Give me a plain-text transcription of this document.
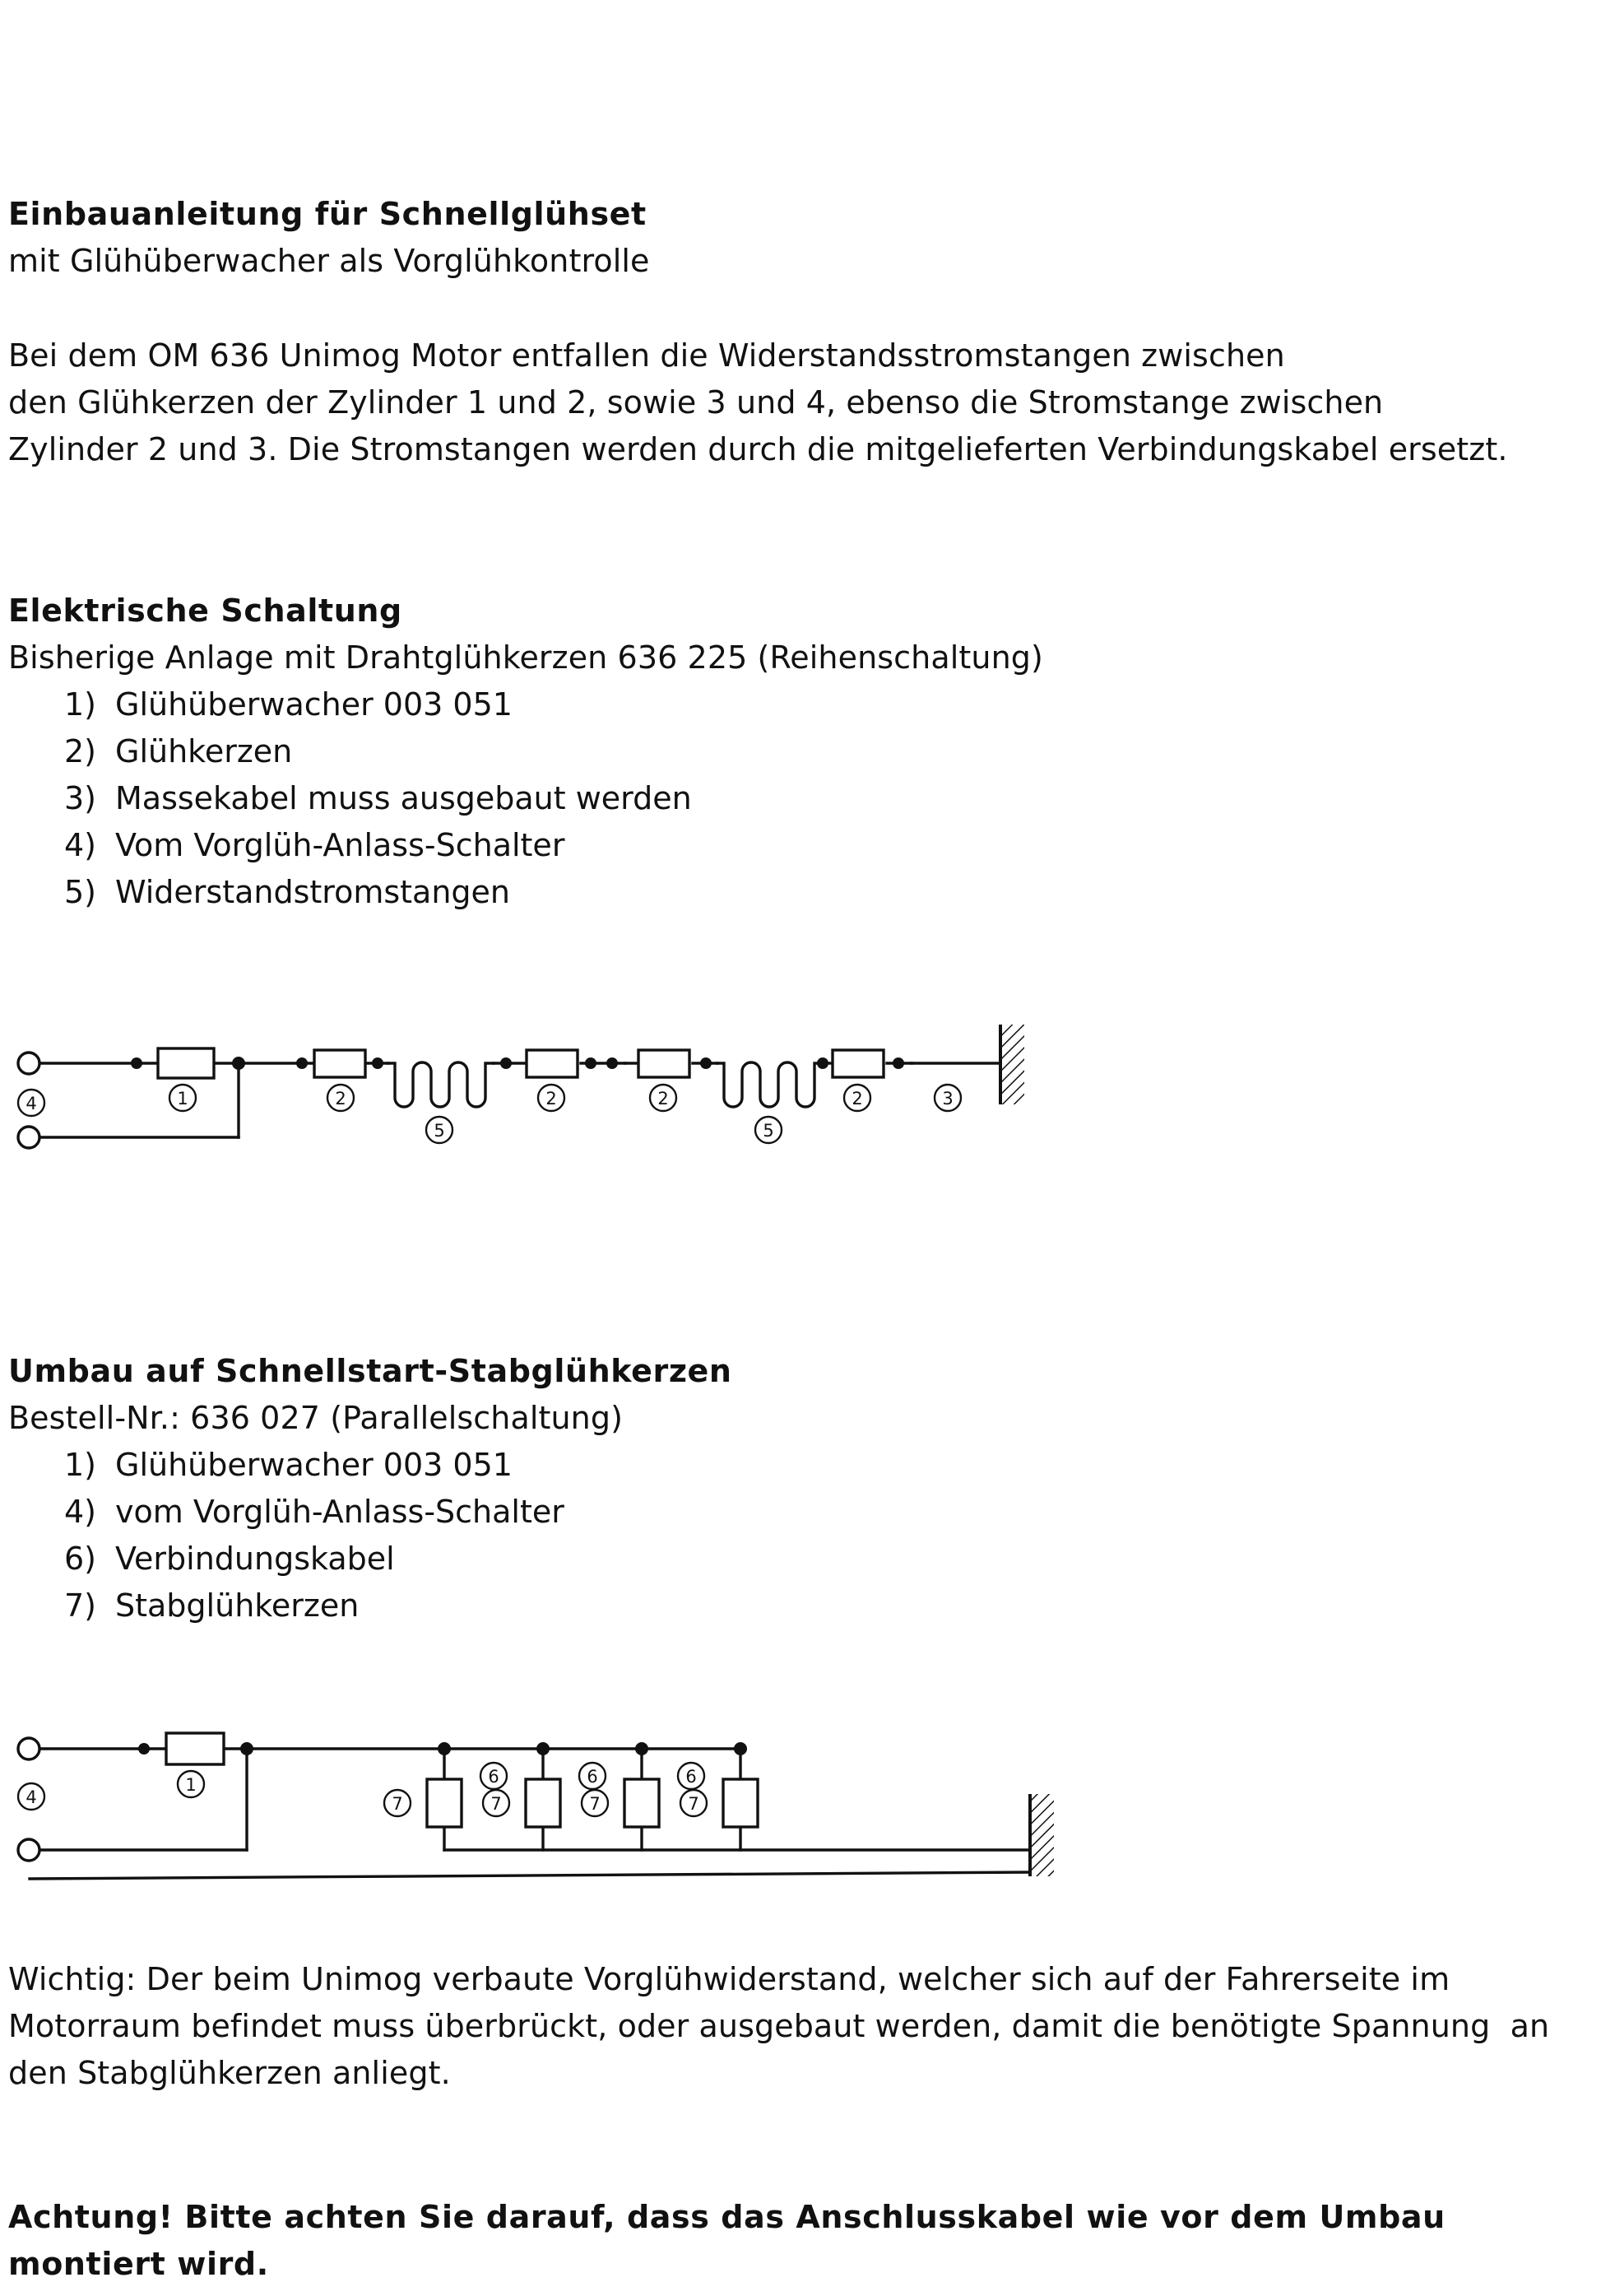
Einbauanleitung für Schnellglühset
mit Glühüberwacher als Vorglühkontrolle
Bei dem OM 636 Unimog Motor entfallen die Widerstandsstromstangen zwischen
den Glühkerzen der Zylinder 1 und 2, sowie 3 und 4, ebenso die Stromstange zwischen
Zylinder 2 und 3. Die Stromstangen werden durch die mitgelieferten Verbindungskabel ersetzt.
Elektrische Schaltung
Bisherige Anlage mit Drahtglühkerzen 636 225 (Reihenschaltung)
1) Glühüberwacher 003 051
2) Glühkerzen
3) Massekabel muss ausgebaut werden
4) Vom Vorglüh-Anlass-Schalter
5) Widerstandstromstangen
4	1	2
5
2	2
5
2	3
Umbau auf Schnellstart-Stabglühkerzen
Bestell-Nr.: 636 027 (Parallelschaltung)
1) Glühüberwacher 003 051
4) vom Vorglüh-Anlass-Schalter
6) Verbindungskabel
7) Stabglühkerzen
4
1	6	6	6
7	7	7	7
Wichtig: Der beim Unimog verbaute Vorglühwiderstand, welcher sich auf der Fahrerseite im
Motorraum befindet muss überbrückt, oder ausgebaut werden, damit die benötigte Spannung  an
den Stabglühkerzen anliegt.
Achtung! Bitte achten Sie darauf, dass das Anschlusskabel wie vor dem Umbau
montiert wird.
